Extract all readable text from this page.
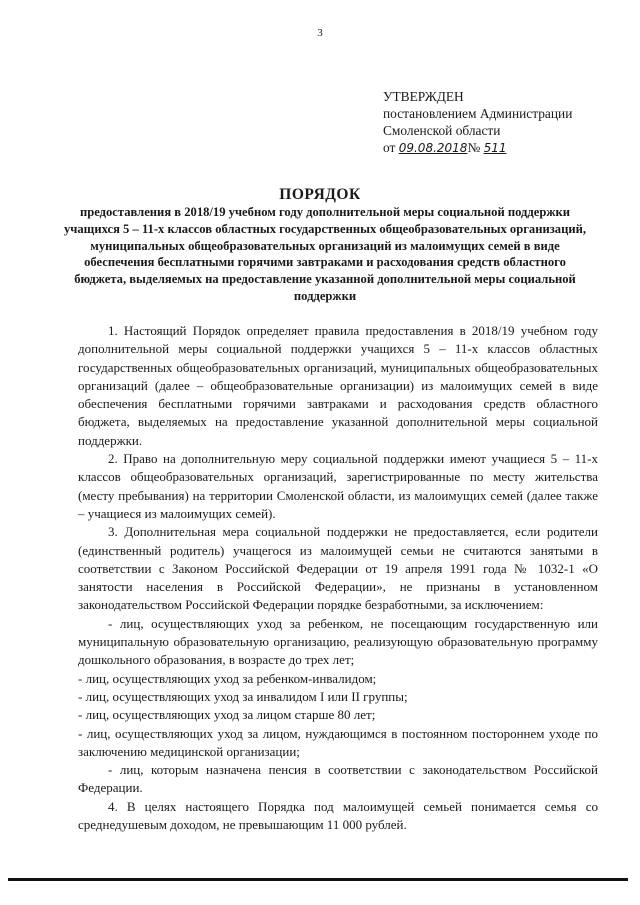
3
УТВЕРЖДЕН
постановлением Администрации
Смоленской области
от 09.08.2018№ 511
ПОРЯДОК
предоставления в 2018/19 учебном году дополнительной меры социальной поддержки учащихся 5 – 11-х классов областных государственных общеобразовательных организаций, муниципальных общеобразовательных организаций из малоимущих семей в виде обеспечения бесплатными горячими завтраками и расходования средств областного бюджета, выделяемых на предоставление указанной дополнительной меры социальной поддержки

1. Настоящий Порядок определяет правила предоставления в 2018/19 учебном году дополнительной меры социальной поддержки учащихся 5 – 11-х классов областных государственных общеобразовательных организаций, муниципальных общеобразовательных организаций (далее – общеобразовательные организации) из малоимущих семей в виде обеспечения бесплатными горячими завтраками и расходования средств областного бюджета, выделяемых на предоставление указанной дополнительной меры социальной поддержки.

2. Право на дополнительную меру социальной поддержки имеют учащиеся 5 – 11-х классов общеобразовательных организаций, зарегистрированные по месту жительства (месту пребывания) на территории Смоленской области, из малоимущих семей (далее также – учащиеся из малоимущих семей).

3. Дополнительная мера социальной поддержки не предоставляется, если родители (единственный родитель) учащегося из малоимущей семьи не считаются занятыми в соответствии с Законом Российской Федерации от 19 апреля 1991 года № 1032-1 «О занятости населения в Российской Федерации», не признаны в установленном законодательством Российской Федерации порядке безработными, за исключением:

- лиц, осуществляющих уход за ребенком, не посещающим государственную или муниципальную образовательную организацию, реализующую образовательную программу дошкольного образования, в возрасте до трех лет;

- лиц, осуществляющих уход за ребенком-инвалидом;

- лиц, осуществляющих уход за инвалидом I или II группы;

- лиц, осуществляющих уход за лицом старше 80 лет;

- лиц, осуществляющих уход за лицом, нуждающимся в постоянном постороннем уходе по заключению медицинской организации;

- лиц, которым назначена пенсия в соответствии с законодательством Российской Федерации.

4. В целях настоящего Порядка под малоимущей семьей понимается семья со среднедушевым доходом, не превышающим 11 000 рублей.
